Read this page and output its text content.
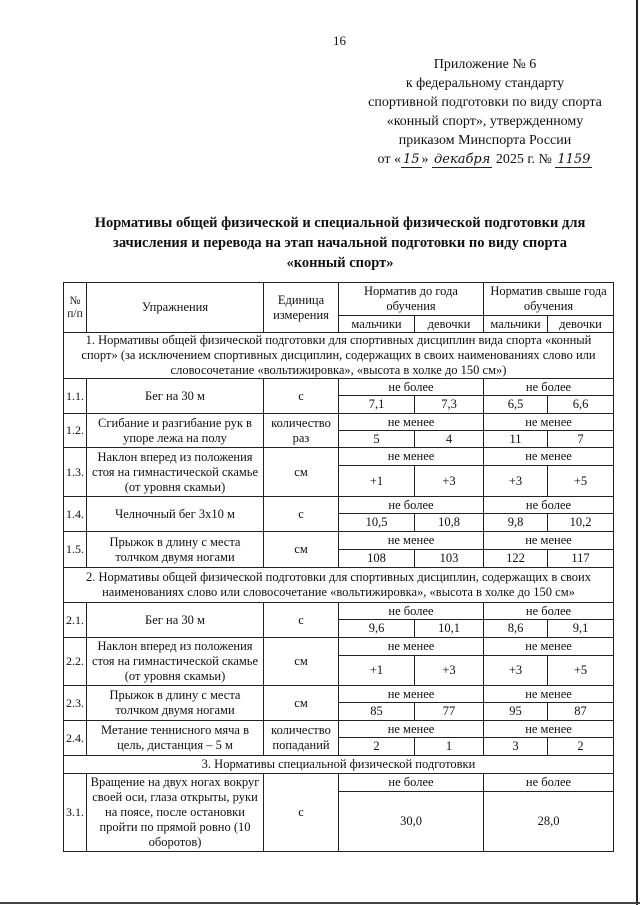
16
Приложение № 6
к федеральному стандарту
спортивной подготовки по виду спорта
«конный спорт», утвержденному
приказом Минспорта России
от « 15 » декабря 2025 г. № 1159
Нормативы общей физической и специальной физической подготовки для
зачисления и перевода на этап начальной подготовки по виду спорта
«конный спорт»
№ п/п	Упражнения	Единица измерения	Норматив до года обучения		Норматив свыше года обучения	
			мальчики	девочки	мальчики	девочки
1. Нормативы общей физической подготовки для спортивных дисциплин вида спорта «конный спорт» (за исключением спортивных дисциплин, содержащих в своих наименованиях слово или словосочетание «вольтижировка», «высота в холке до 150 см»)						
1.1.	Бег на 30 м	с	не более		не более	
			7,1	7,3	6,5	6,6
1.2.	Сгибание и разгибание рук в упоре лежа на полу	количество раз	не менее		не менее	
			5	4	11	7
1.3.	Наклон вперед из положения стоя на гимнастической скамье (от уровня скамьи)	см	не менее		не менее	
			+1	+3	+3	+5
1.4.	Челночный бег 3х10 м	с	не более		не более	
			10,5	10,8	9,8	10,2
1.5.	Прыжок в длину с места толчком двумя ногами	см	не менее		не менее	
			108	103	122	117
2. Нормативы общей физической подготовки для спортивных дисциплин, содержащих в своих наименованиях слово или словосочетание «вольтижировка», «высота в холке до 150 см»						
2.1.	Бег на 30 м	с	не более		не более	
			9,6	10,1	8,6	9,1
2.2.	Наклон вперед из положения стоя на гимнастической скамье (от уровня скамьи)	см	не менее		не менее	
			+1	+3	+3	+5
2.3.	Прыжок в длину с места толчком двумя ногами	см	не менее		не менее	
			85	77	95	87
2.4.	Метание теннисного мяча в цель, дистанция – 5 м	количество попаданий	не менее		не менее	
			2	1	3	2
3. Нормативы специальной физической подготовки						
3.1.	Вращение на двух ногах вокруг своей оси, глаза открыты, руки на поясе, после остановки пройти по прямой ровно (10 оборотов)	с	не более		не более	
			30,0		28,0	
